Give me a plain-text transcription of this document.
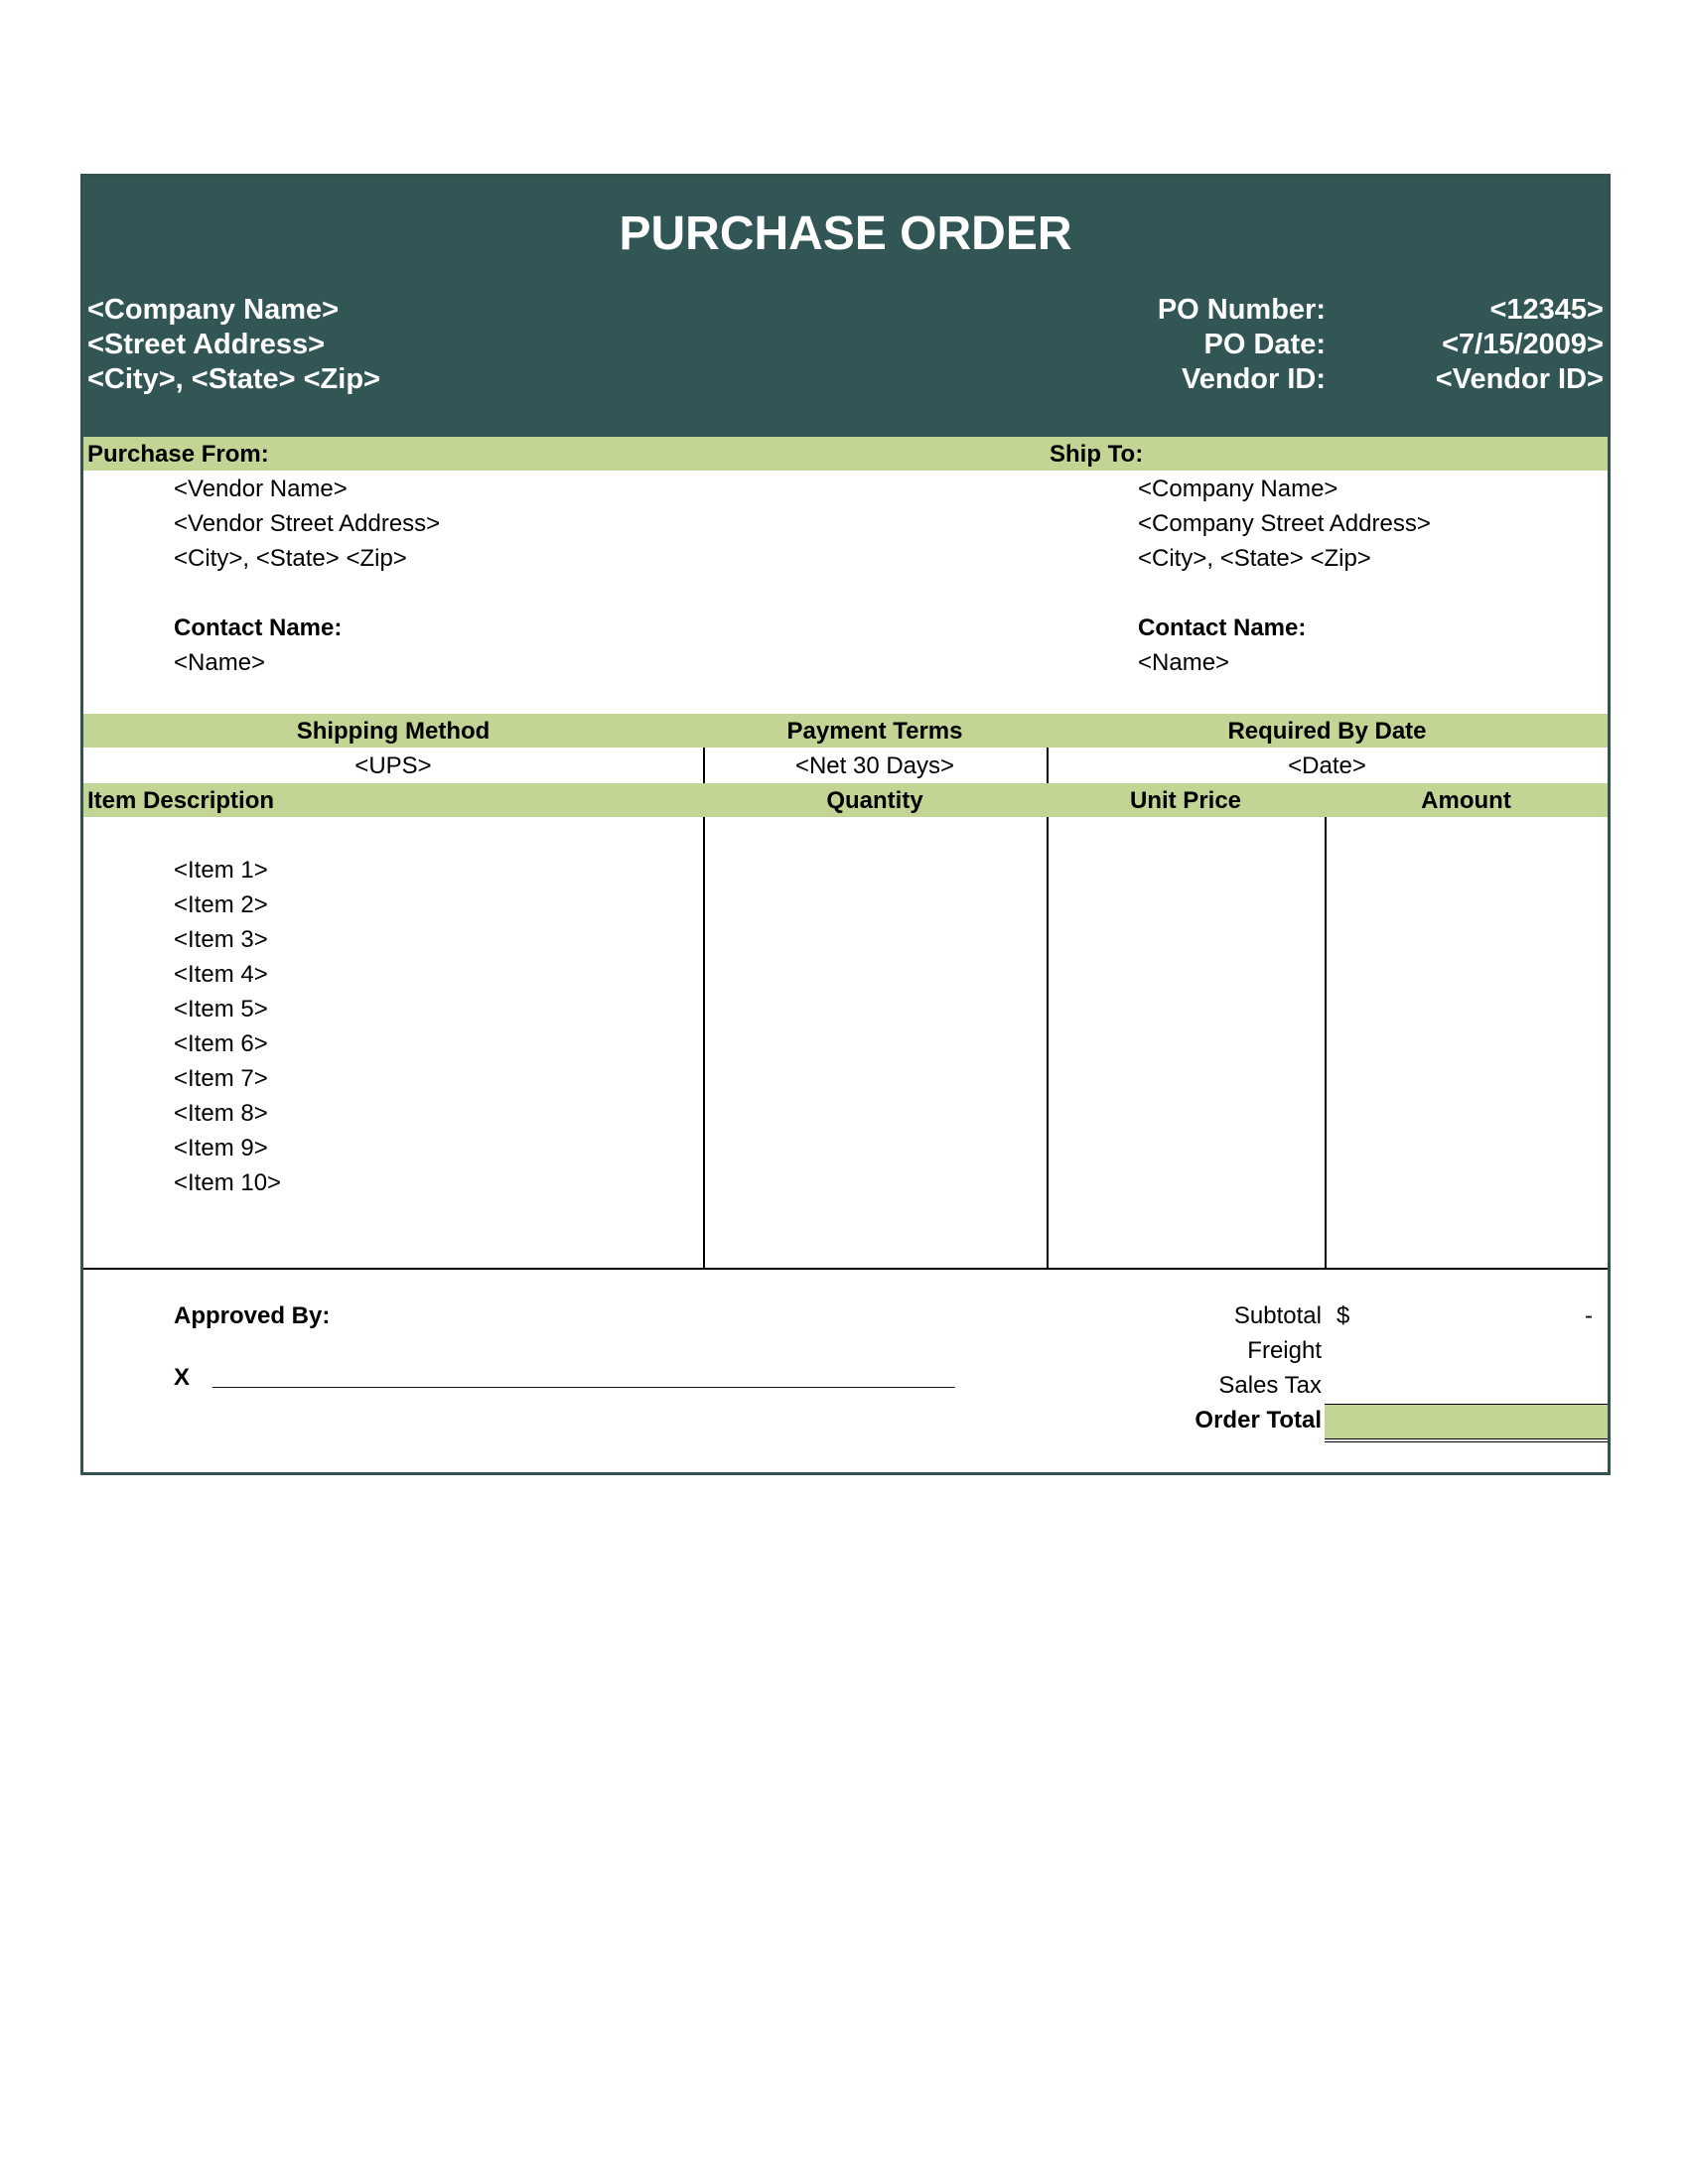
PURCHASE ORDER
<Company Name>
<Street Address>
<City>, <State> <Zip>
PO Number:	<12345>
PO Date:	<7/15/2009>
Vendor ID:	<Vendor ID>
Purchase From:	Ship To:
<Vendor Name>
<Vendor Street Address>
<City>, <State> <Zip>
Contact Name:
<Name>
<Company Name>
<Company Street Address>
<City>, <State> <Zip>
Contact Name:
<Name>
Shipping Method	Payment Terms	Required By Date
<UPS>	<Net 30 Days>	<Date>
Item Description	Quantity	Unit Price	Amount
<Item 1>
<Item 2>
<Item 3>
<Item 4>
<Item 5>
<Item 6>
<Item 7>
<Item 8>
<Item 9>
<Item 10>
Approved By:
X ________________________________________________________
Subtotal $	-
Freight
Sales Tax
Order Total
